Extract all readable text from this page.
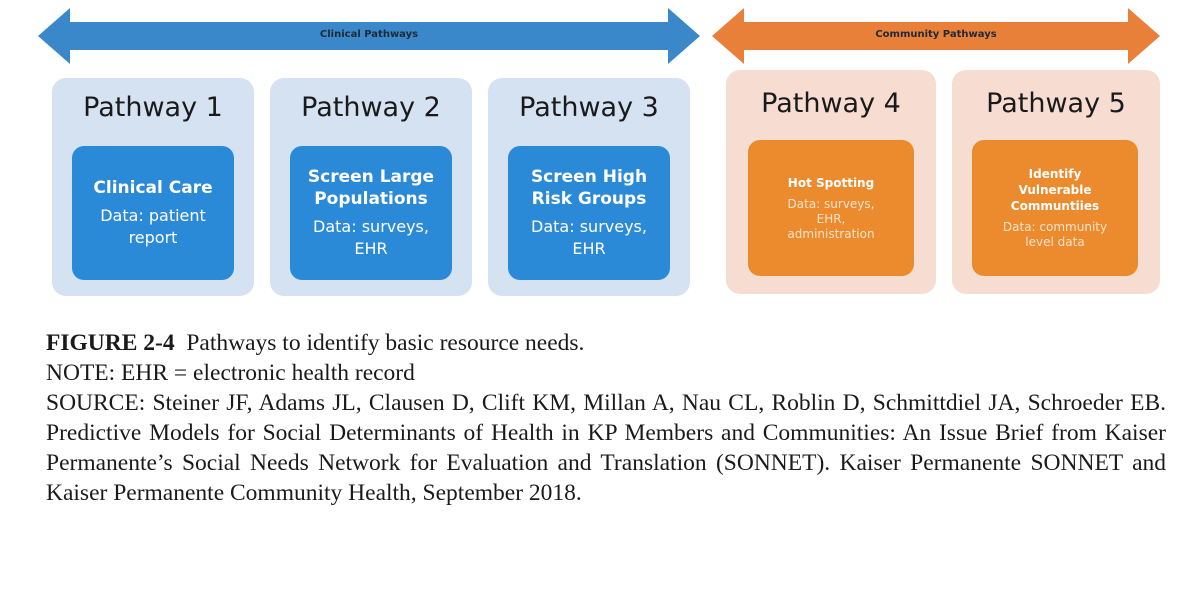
Clinical Pathways	Community Pathways
Pathway 1
Clinical Care
Data: patient
report
Pathway 2
Screen Large
Populations
Data: surveys,
EHR
Pathway 3
Screen High
Risk Groups
Data: surveys,
EHR
Pathway 4
Hot Spotting
Data: surveys,
EHR,
administration
Pathway 5
Identify
Vulnerable
Communtiies
Data: community
level data

FIGURE 2-4 Pathways to identify basic resource needs.

NOTE: EHR = electronic health record

SOURCE: Steiner JF, Adams JL, Clausen D, Clift KM, Millan A, Nau CL, Roblin D, Schmittdiel JA, Schroeder EB. Predictive Models for Social Determinants of Health in KP Members and Communities: An Issue Brief from Kaiser Permanente’s Social Needs Network for Evaluation and Translation (SONNET). Kaiser Permanente SONNET and Kaiser Permanente Community Health, September 2018.
